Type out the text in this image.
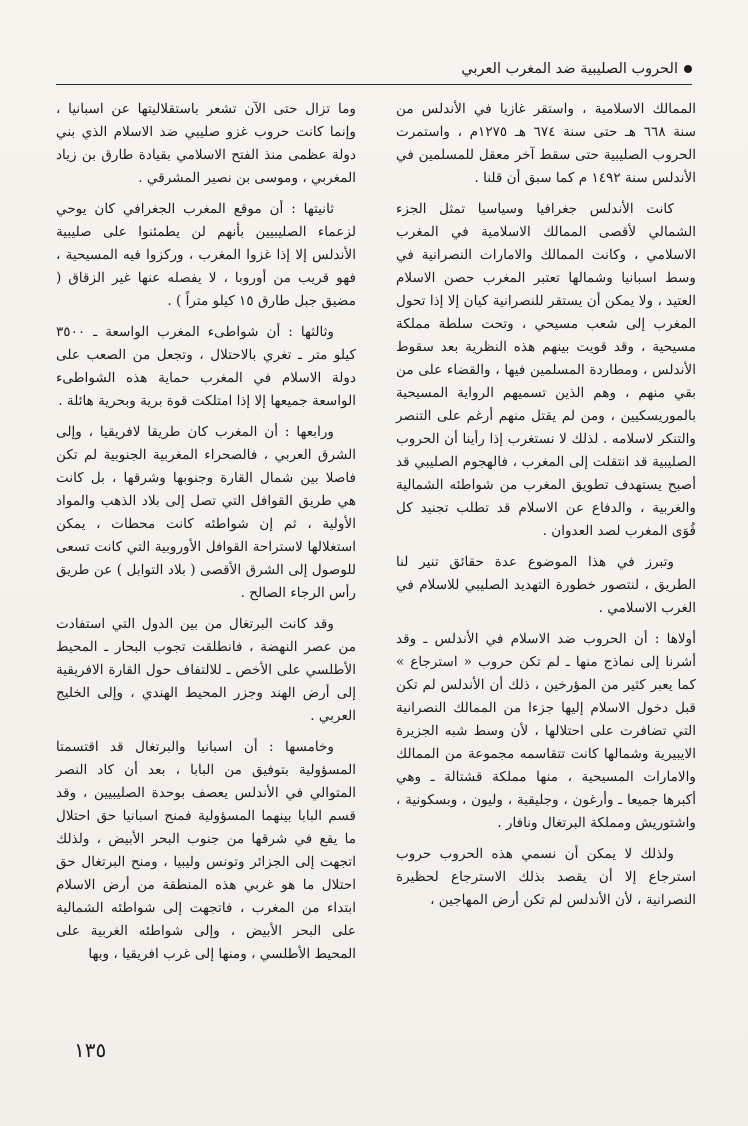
الحروب الصليبية ضد المغرب العربي

الممالك الاسلامية ، واستقر غازيا في الأندلس من سنة ٦٦٨ هـ حتى سنة ٦٧٤ هـ ١٢٧٥م ، واستمرت الحروب الصليبية حتى سقط آخر معقل للمسلمين في الأندلس سنة ١٤٩٢ م كما سبق أن قلنا .

كانت الأندلس جغرافيا وسياسيا تمثل الجزء الشمالي لأقصى الممالك الاسلامية في المغرب الاسلامي ، وكانت الممالك والامارات النصرانية في وسط اسبانيا وشمالها تعتبر المغرب حصن الاسلام العتيد ، ولا يمكن أن يستقر للنصرانية كيان إلا إذا تحول المغرب إلى شعب مسيحي ، وتحت سلطة مملكة مسيحية ، وقد قويت بينهم هذه النظرية بعد سقوط الأندلس ، ومطاردة المسلمين فيها ، والقضاء على من بقي منهم ، وهم الذين تسميهم الرواية المسيحية بالموريسكيين ، ومن لم يقتل منهم أرغم على التنصر والتنكر لاسلامه . لذلك لا نستغرب إذا رأينا أن الحروب الصليبية قد انتقلت إلى المغرب ، فالهجوم الصليبي قد أصبح يستهدف تطويق المغرب من شواطئه الشمالية والغربية ، والدفاع عن الاسلام قد تطلب تجنيد كل قُوَى المغرب لصد العدوان .

وتبرز في هذا الموضوع عدة حقائق تنير لنا الطريق ، لنتصور خطورة التهديد الصليبي للاسلام في الغرب الاسلامي .

أولاها : أن الحروب ضد الاسلام في الأندلس ـ وقد أشرنا إلى نماذج منها ـ لم تكن حروب « استرجاع » كما يعبر كثير من المؤرخين ، ذلك أن الأندلس لم تكن قبل دخول الاسلام إليها جزءا من الممالك النصرانية التي تضافرت على احتلالها ، لأن وسط شبه الجزيرة الايبيرية وشمالها كانت تتقاسمه مجموعة من الممالك والامارات المسيحية ، منها مملكة قشتالة ـ وهي أكبرها جميعا ـ وأرغون ، وجليقية ، وليون ، وبسكونية ، واشتوريش ومملكة البرتغال ونافار .

ولذلك لا يمكن أن نسمي هذه الحروب حروب استرجاع إلا أن يقصد بذلك الاسترجاع لحظيرة النصرانية ، لأن الأندلس لم تكن أرض المهاجين ،

وما تزال حتى الآن تشعر باستقلاليتها عن اسبانيا ، وإنما كانت حروب غزو صليبي ضد الاسلام الذي بني دولة عظمى منذ الفتح الاسلامي بقيادة طارق بن زياد المغربي ، وموسى بن نصير المشرقي .

ثانيتها : أن موقع المغرب الجغرافي كان يوحي لزعماء الصليبيين بأنهم لن يطمئنوا على صليبية الأندلس إلا إذا غزوا المغرب ، وركزوا فيه المسيحية ، فهو قريب من أوروبا ، لا يفصله عنها غير الزقاق ( مضيق جبل طارق ١٥ كيلو متراً ) .

وثالثها : أن شواطىء المغرب الواسعة ـ ٣٥٠٠ كيلو متر ـ تغري بالاحتلال ، وتجعل من الصعب على دولة الاسلام في المغرب حماية هذه الشواطىء الواسعة جميعها إلا إذا امتلكت قوة برية وبحرية هائلة .

ورابعها : أن المغرب كان طريقا لافريقيا ، وإلى الشرق العربي ، فالصحراء المغربية الجنوبية لم تكن فاصلا بين شمال القارة وجنوبها وشرقها ، بل كانت هي طريق القوافل التي تصل إلى بلاد الذهب والمواد الأولية ، ثم إن شواطئه كانت محطات ، يمكن استغلالها لاستراحة القوافل الأوروبية التي كانت تسعى للوصول إلى الشرق الأقصى ( بلاد التوابل ) عن طريق رأس الرجاء الصالح .

وقد كانت البرتغال من بين الدول التي استفادت من عصر النهضة ، فانطلقت تجوب البحار ـ المحيط الأطلسي على الأخص ـ للالتفاف حول القارة الافريقية إلى أرض الهند وجزر المحيط الهندي ، وإلى الخليج العربي .

وخامسها : أن اسبانيا والبرتغال قد اقتسمتا المسؤولية بتوفيق من البابا ، بعد أن كاد النصر المتوالي في الأندلس يعصف بوحدة الصليبيين ، وقد قسم البابا بينهما المسؤولية فمنح اسبانيا حق احتلال ما يقع في شرقها من جنوب البحر الأبيض ، ولذلك اتجهت إلى الجزائر وتونس وليبيا ، ومنح البرتغال حق احتلال ما هو غربي هذه المنطقة من أرض الاسلام ابتداء من المغرب ، فاتجهت إلى شواطئه الشمالية على البحر الأبيض ، وإلى شواطئه الغربية على المحيط الأطلسي ، ومنها إلى غرب افريقيا ، وبها

١٣٥
